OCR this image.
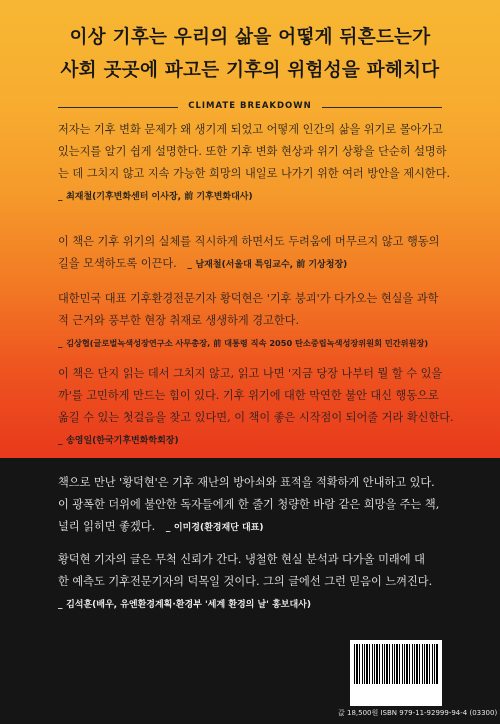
이상 기후는 우리의 삶을 어떻게 뒤흔드는가
사회 곳곳에 파고든 기후의 위험성을 파헤치다
CLIMATE BREAKDOWN
저자는 기후 변화 문제가 왜 생기게 되었고 어떻게 인간의 삶을 위기로 몰아가고
있는지를 알기 쉽게 설명한다. 또한 기후 변화 현상과 위기 상황을 단순히 설명하
는 데 그치지 않고 지속 가능한 희망의 내일로 나가기 위한 여러 방안을 제시한다.
_ 최재철(기후변화센터 이사장, 前 기후변화대사)
이 책은 기후 위기의 실체를 직시하게 하면서도 두려움에 머무르지 않고 행동의
길을 모색하도록 이끈다. _ 남재철(서울대 특임교수, 前 기상청장)
대한민국 대표 기후환경전문기자 황덕현은 '기후 붕괴'가 다가오는 현실을 과학
적 근거와 풍부한 현장 취재로 생생하게 경고한다.
_ 김상협(글로벌녹색성장연구소 사무총장, 前 대통령 직속 2050 탄소중립녹색성장위원회 민간위원장)
이 책은 단지 읽는 데서 그치지 않고, 읽고 나면 '지금 당장 나부터 뭘 할 수 있을
까'를 고민하게 만드는 힘이 있다. 기후 위기에 대한 막연한 불안 대신 행동으로
옮길 수 있는 첫걸음을 찾고 있다면, 이 책이 좋은 시작점이 되어줄 거라 확신한다.
_ 송영일(한국기후변화학회장)
책으로 만난 '황덕현'은 기후 재난의 방아쇠와 표적을 적확하게 안내하고 있다.
이 광폭한 더위에 불안한 독자들에게 한 줄기 청량한 바람 같은 희망을 주는 책,
널리 읽히면 좋겠다. _ 이미경(환경재단 대표)
황덕현 기자의 글은 무척 신뢰가 간다. 냉철한 현실 분석과 다가올 미래에 대
한 예측도 기후전문기자의 덕목일 것이다. 그의 글에선 그런 믿음이 느껴진다.
_ 김석훈(배우, 유엔환경계획·환경부 '세계 환경의 날' 홍보대사)
값 18,500원 ISBN 979-11-92999-94-4 (03300)
